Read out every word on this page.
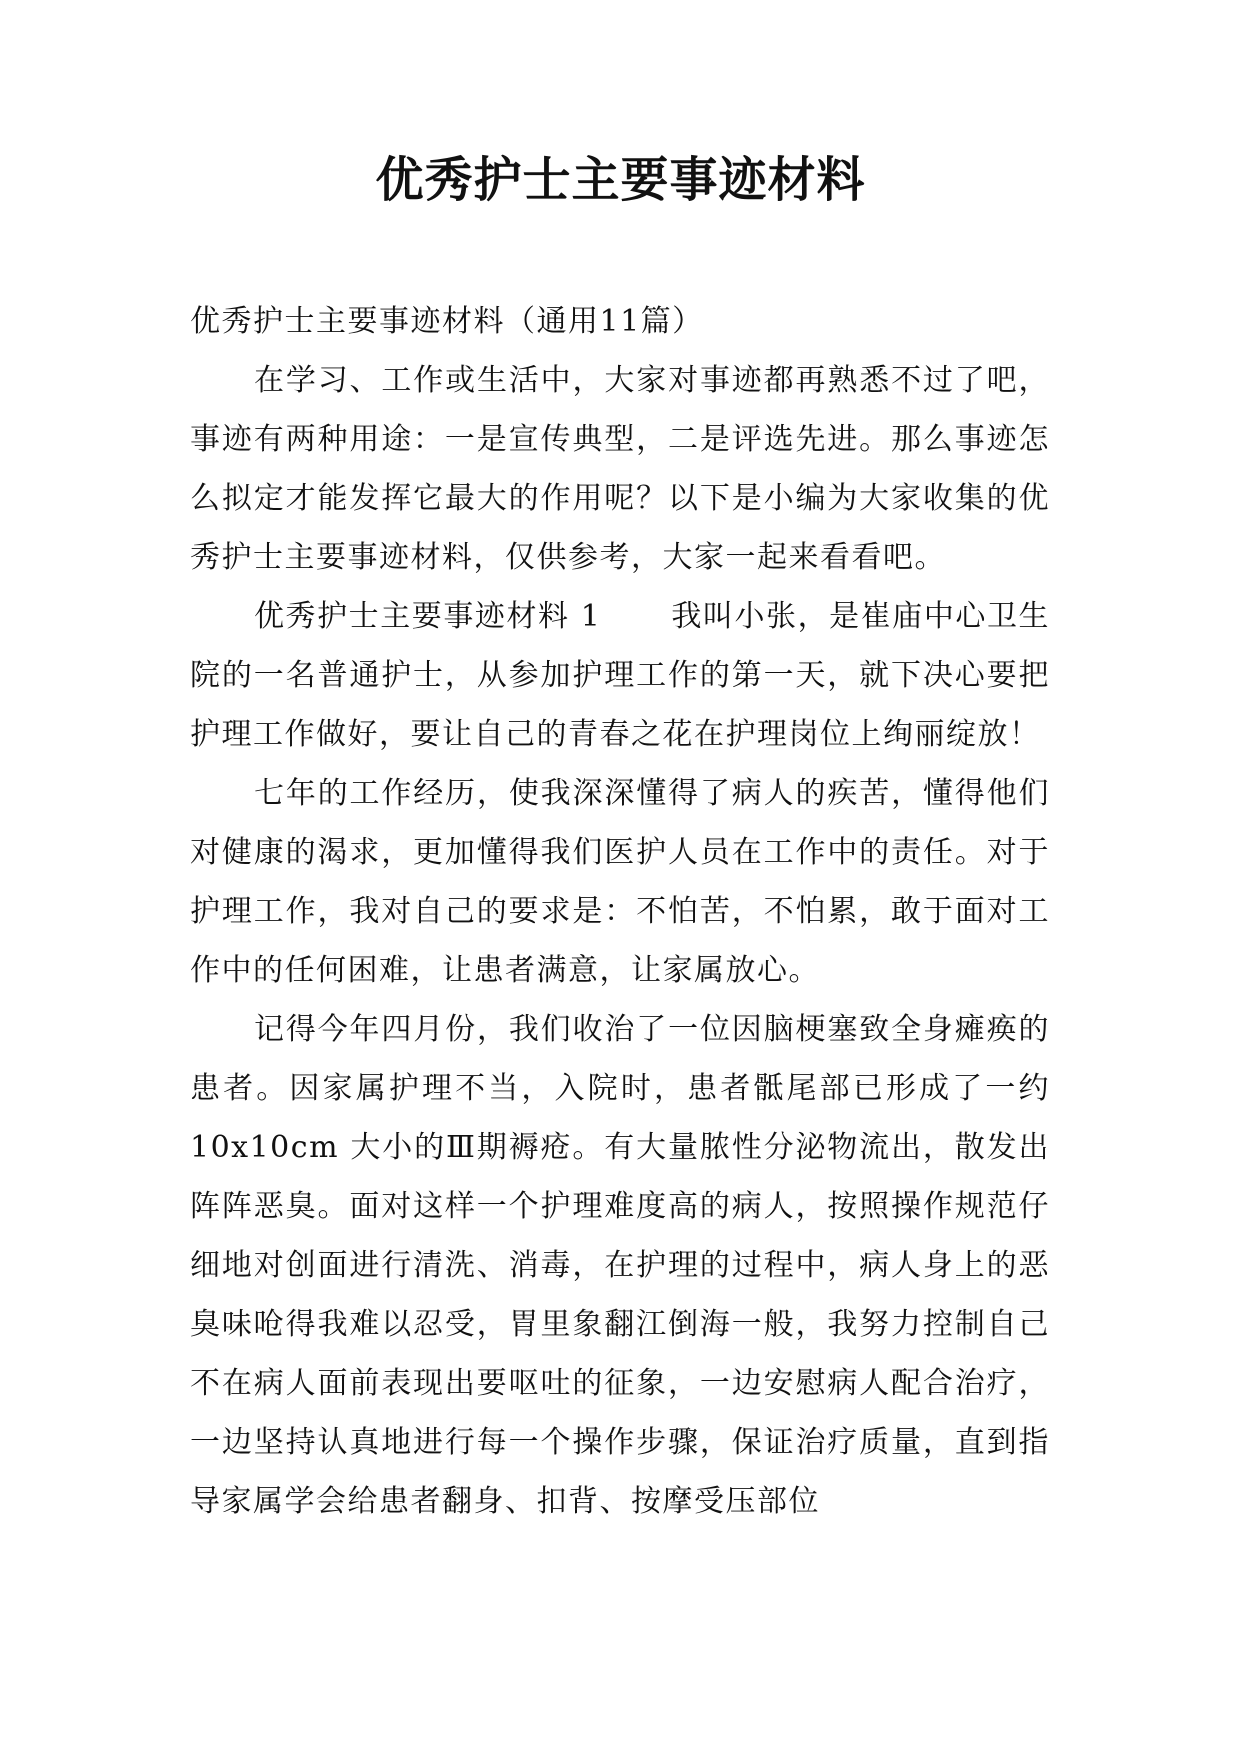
优秀护士主要事迹材料

优秀护士主要事迹材料（通用11篇）

在学习、工作或生活中，大家对事迹都再熟悉不过了吧，事迹有两种用途：一是宣传典型，二是评选先进。那么事迹怎么拟定才能发挥它最大的作用呢？以下是小编为大家收集的优秀护士主要事迹材料，仅供参考，大家一起来看看吧。

优秀护士主要事迹材料 1 我叫小张，是崔庙中心卫生院的一名普通护士，从参加护理工作的第一天，就下决心要把护理工作做好，要让自己的青春之花在护理岗位上绚丽绽放！

七年的工作经历，使我深深懂得了病人的疾苦，懂得他们对健康的渴求，更加懂得我们医护人员在工作中的责任。对于护理工作，我对自己的要求是：不怕苦，不怕累，敢于面对工作中的任何困难，让患者满意，让家属放心。

记得今年四月份，我们收治了一位因脑梗塞致全身瘫痪的患者。因家属护理不当，入院时，患者骶尾部已形成了一约10x10cm 大小的Ⅲ期褥疮。有大量脓性分泌物流出，散发出阵阵恶臭。面对这样一个护理难度高的病人，按照操作规范仔细地对创面进行清洗、消毒，在护理的过程中，病人身上的恶臭味呛得我难以忍受，胃里象翻江倒海一般，我努力控制自己不在病人面前表现出要呕吐的征象，一边安慰病人配合治疗，一边坚持认真地进行每一个操作步骤，保证治疗质量，直到指导家属学会给患者翻身、扣背、按摩受压部位
